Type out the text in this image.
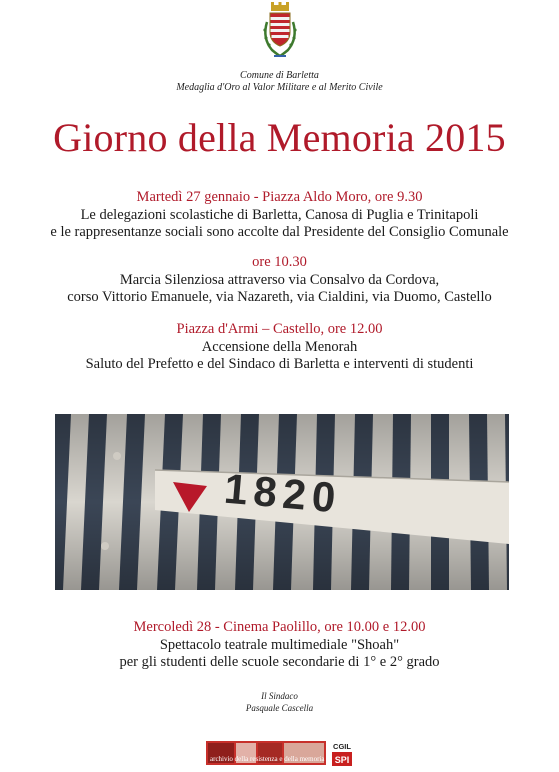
Comune di Barletta
Medaglia d'Oro al Valor Militare e al Merito Civile
Giorno della Memoria 2015
Martedì 27 gennaio - Piazza Aldo Moro, ore 9.30
Le delegazioni scolastiche di Barletta, Canosa di Puglia e Trinitapoli
e le rappresentanze sociali sono accolte dal Presidente del Consiglio Comunale
ore 10.30
Marcia Silenziosa attraverso via Consalvo da Cordova,
corso Vittorio Emanuele, via Nazareth, via Cialdini, via Duomo, Castello
Piazza d'Armi – Castello, ore 12.00
Accensione della Menorah
Saluto del Prefetto e del Sindaco di Barletta e interventi di studenti
1820
Mercoledì 28 - Cinema Paolillo, ore 10.00 e 12.00
Spettacolo teatrale multimediale "Shoah"
per gli studenti delle scuole secondarie di 1° e 2° grado
Il Sindaco
Pasquale Cascella
archivio della resistenza e della memoria
CGIL
SPI
